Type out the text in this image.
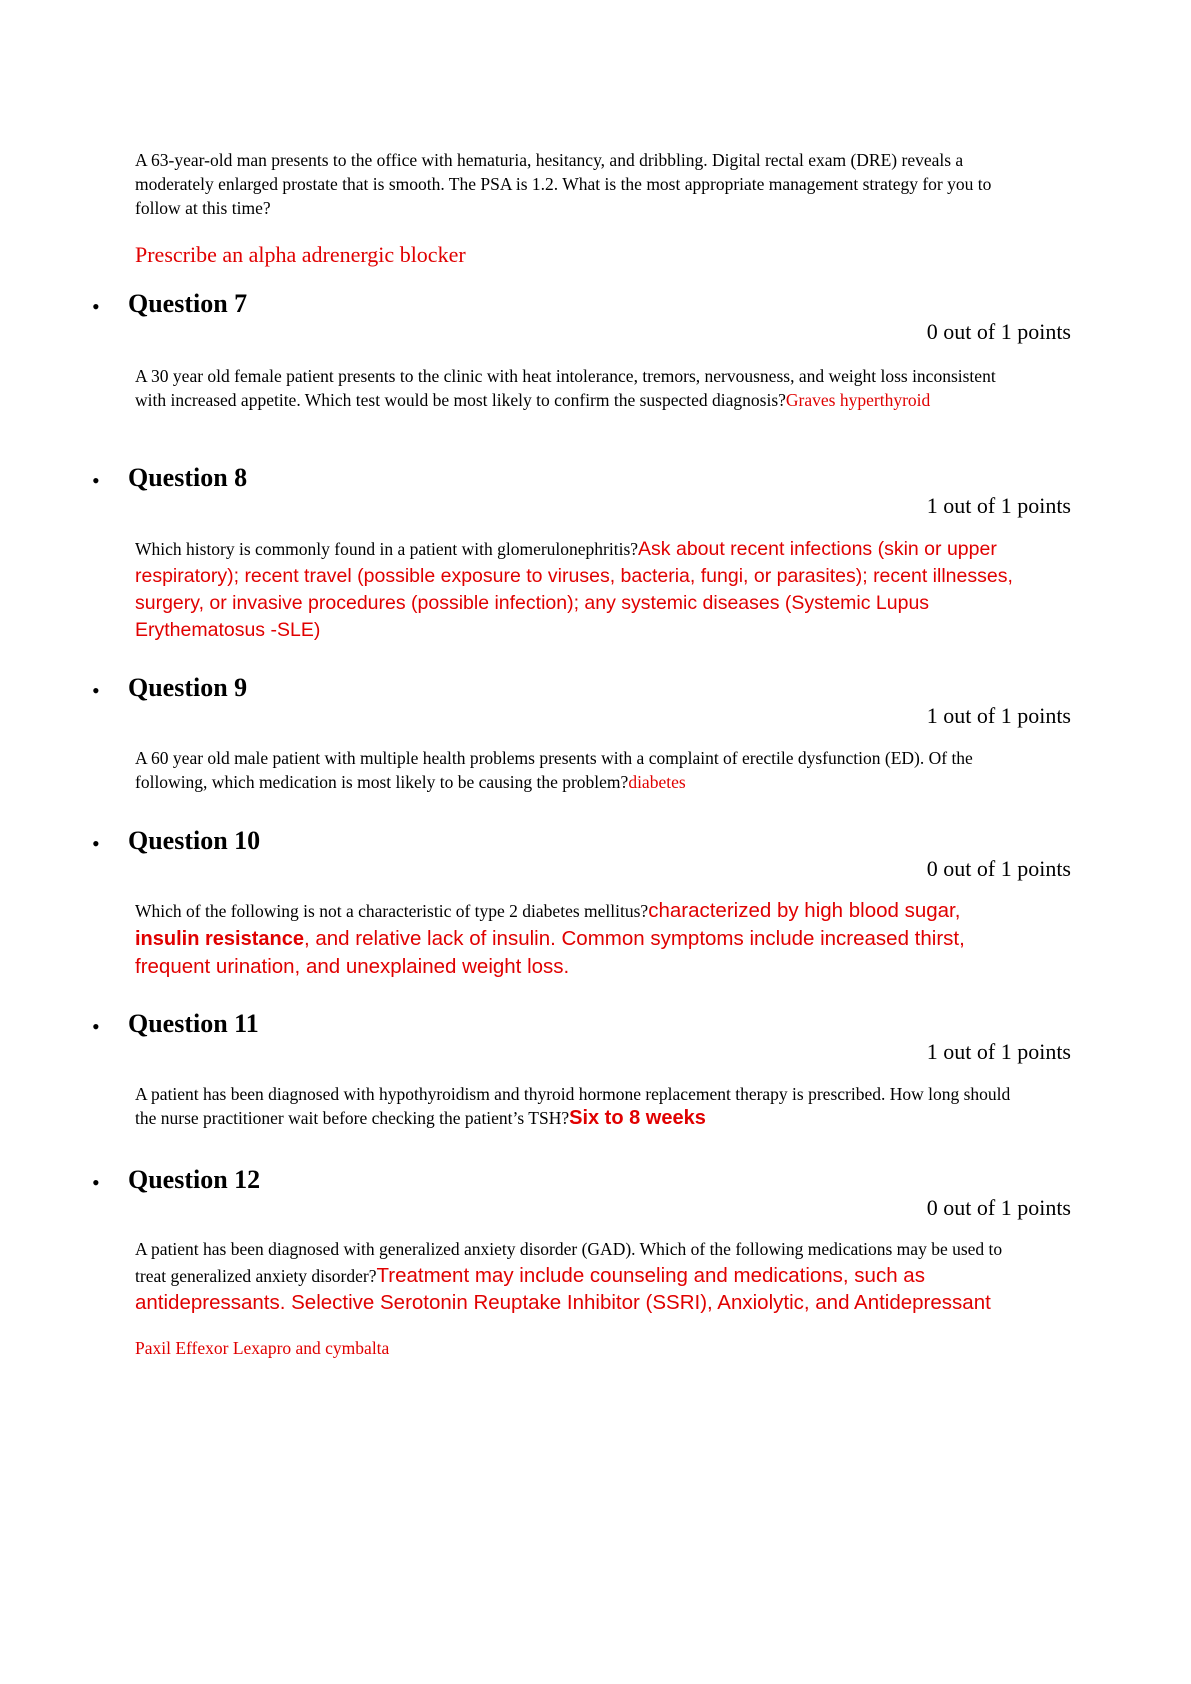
A 63-year-old man presents to the office with hematuria, hesitancy, and dribbling. Digital rectal exam (DRE) reveals a moderately enlarged prostate that is smooth. The PSA is 1.2. What is the most appropriate management strategy for you to follow at this time?

Prescribe an alpha adrenergic blocker
• Question 7
0 out of 1 points

A 30 year old female patient presents to the clinic with heat intolerance, tremors, nervousness, and weight loss inconsistent with increased appetite. Which test would be most likely to confirm the suspected diagnosis?Graves hyperthyroid

• Question 8
1 out of 1 points

Which history is commonly found in a patient with glomerulonephritis?Ask about recent infections (skin or upper respiratory); recent travel (possible exposure to viruses, bacteria, fungi, or parasites); recent illnesses, surgery, or invasive procedures (possible infection); any systemic diseases (Systemic Lupus Erythematosus -SLE)

• Question 9
1 out of 1 points

A 60 year old male patient with multiple health problems presents with a complaint of erectile dysfunction (ED). Of the following, which medication is most likely to be causing the problem?diabetes

• Question 10
0 out of 1 points

Which of the following is not a characteristic of type 2 diabetes mellitus?characterized by high blood sugar, insulin resistance, and relative lack of insulin. Common symptoms include increased thirst, frequent urination, and unexplained weight loss.

• Question 11
1 out of 1 points

A patient has been diagnosed with hypothyroidism and thyroid hormone replacement therapy is prescribed. How long should the nurse practitioner wait before checking the patient’s TSH?Six to 8 weeks

• Question 12
0 out of 1 points

A patient has been diagnosed with generalized anxiety disorder (GAD). Which of the following medications may be used to treat generalized anxiety disorder?Treatment may include counseling and medications, such as antidepressants. Selective Serotonin Reuptake Inhibitor (SSRI), Anxiolytic, and Antidepressant

Paxil Effexor Lexapro and cymbalta
